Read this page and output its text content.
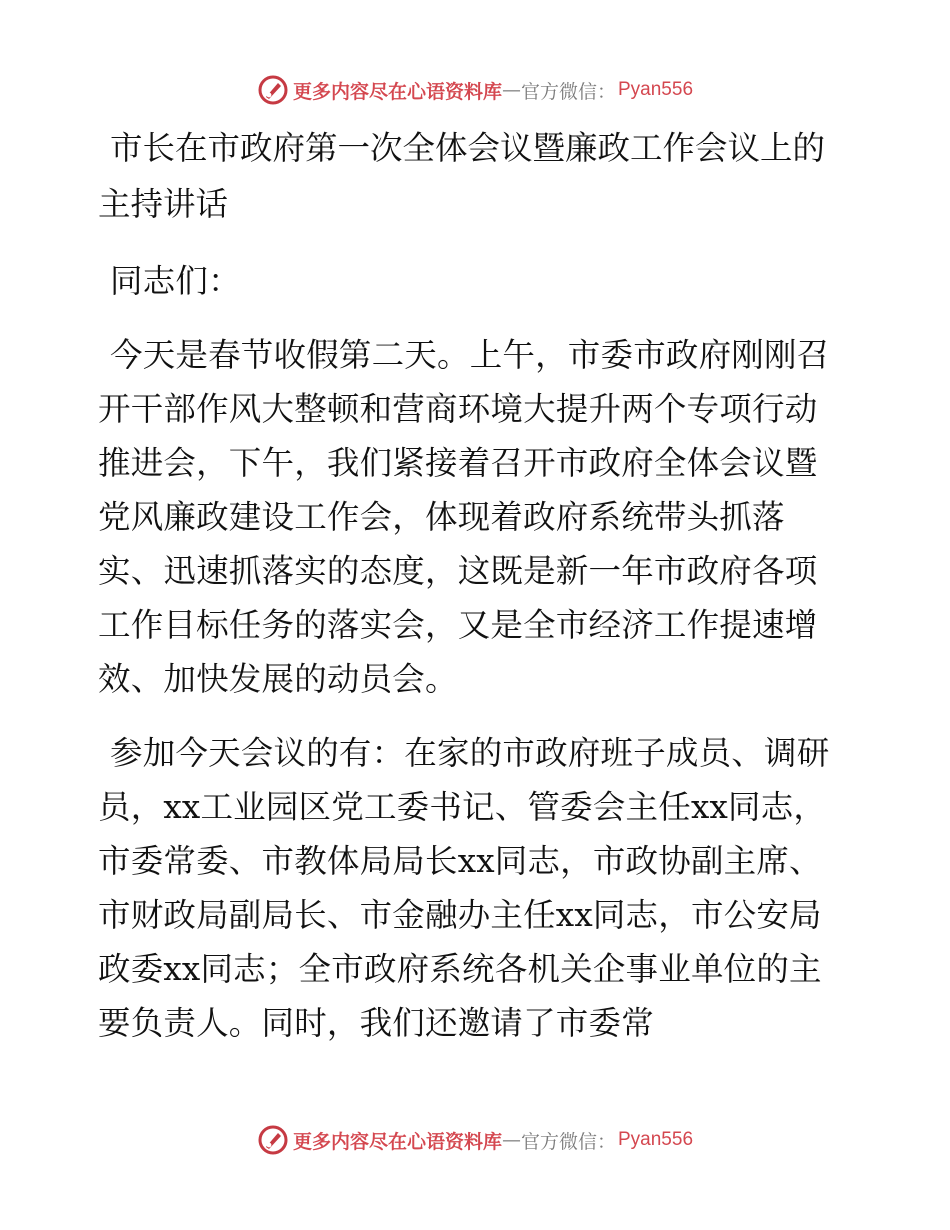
更多内容尽在心语资料库 — 官方微信： Pyan556
市长在市政府第一次全体会议暨廉政工作会议上的主持讲话

同志们：

今天是春节收假第二天。上午，市委市政府刚刚召开干部作风大整顿和营商环境大提升两个专项行动推进会，下午，我们紧接着召开市政府全体会议暨党风廉政建设工作会，体现着政府系统带头抓落实、迅速抓落实的态度，这既是新一年市政府各项工作目标任务的落实会，又是全市经济工作提速增效、加快发展的动员会。

参加今天会议的有：在家的市政府班子成员、调研员，xx工业园区党工委书记、管委会主任xx同志，市委常委、市教体局局长xx同志，市政协副主席、市财政局副局长、市金融办主任xx同志，市公安局政委xx同志；全市政府系统各机关企事业单位的主要负责人。同时，我们还邀请了市委常

更多内容尽在心语资料库 — 官方微信： Pyan556
